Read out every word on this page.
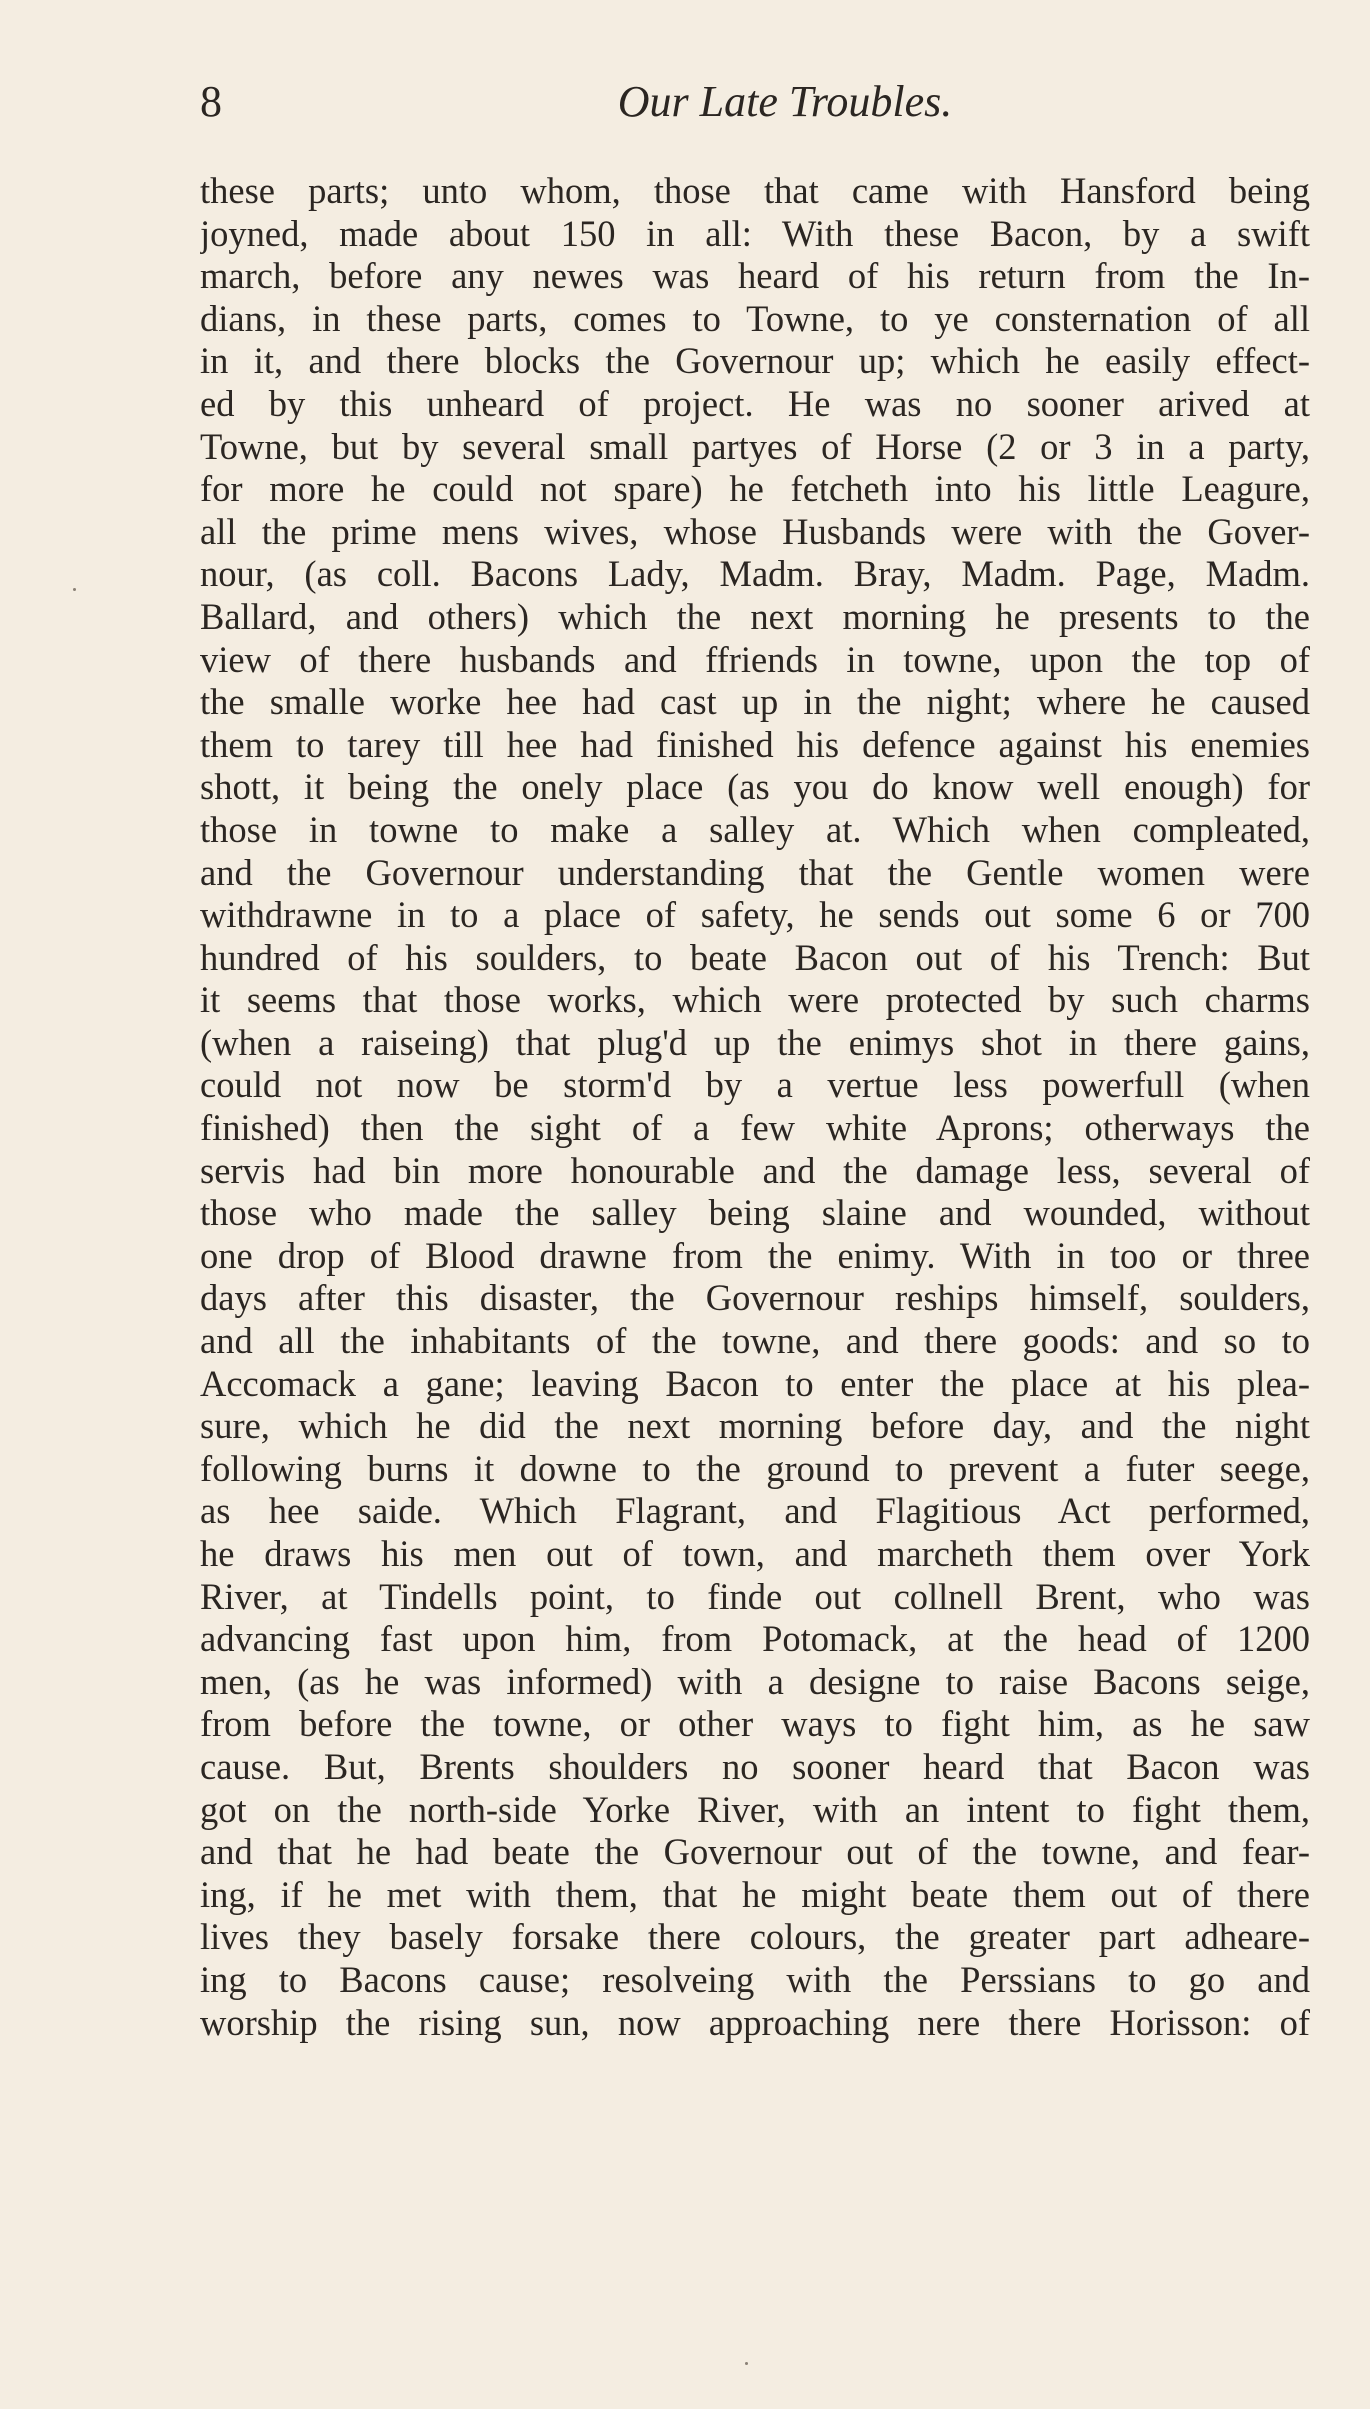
8	Our Late Troubles.
these parts; unto whom, those that came with Hansford being
joyned, made about 150 in all: With these Bacon, by a swift
march, before any newes was heard of his return from the In-
dians, in these parts, comes to Towne, to ye consternation of all
in it, and there blocks the Governour up; which he easily effect-
ed by this unheard of project. He was no sooner arived at
Towne, but by several small partyes of Horse (2 or 3 in a party,
for more he could not spare) he fetcheth into his little Leagure,
all the prime mens wives, whose Husbands were with the Gover-
nour, (as coll. Bacons Lady, Madm. Bray, Madm. Page, Madm.
Ballard, and others) which the next morning he presents to the
view of there husbands and ffriends in towne, upon the top of
the smalle worke hee had cast up in the night; where he caused
them to tarey till hee had finished his defence against his enemies
shott, it being the onely place (as you do know well enough) for
those in towne to make a salley at. Which when compleated,
and the Governour understanding that the Gentle women were
withdrawne in to a place of safety, he sends out some 6 or 700
hundred of his soulders, to beate Bacon out of his Trench: But
it seems that those works, which were protected by such charms
(when a raiseing) that plug'd up the enimys shot in there gains,
could not now be storm'd by a vertue less powerfull (when
finished) then the sight of a few white Aprons; otherways the
servis had bin more honourable and the damage less, several of
those who made the salley being slaine and wounded, without
one drop of Blood drawne from the enimy. With in too or three
days after this disaster, the Governour reships himself, soulders,
and all the inhabitants of the towne, and there goods: and so to
Accomack a gane; leaving Bacon to enter the place at his plea-
sure, which he did the next morning before day, and the night
following burns it downe to the ground to prevent a futer seege,
as hee saide. Which Flagrant, and Flagitious Act performed,
he draws his men out of town, and marcheth them over York
River, at Tindells point, to finde out collnell Brent, who was
advancing fast upon him, from Potomack, at the head of 1200
men, (as he was informed) with a designe to raise Bacons seige,
from before the towne, or other ways to fight him, as he saw
cause. But, Brents shoulders no sooner heard that Bacon was
got on the north-side Yorke River, with an intent to fight them,
and that he had beate the Governour out of the towne, and fear-
ing, if he met with them, that he might beate them out of there
lives they basely forsake there colours, the greater part adheare-
ing to Bacons cause; resolveing with the Perssians to go and
worship the rising sun, now approaching nere there Horisson: of
